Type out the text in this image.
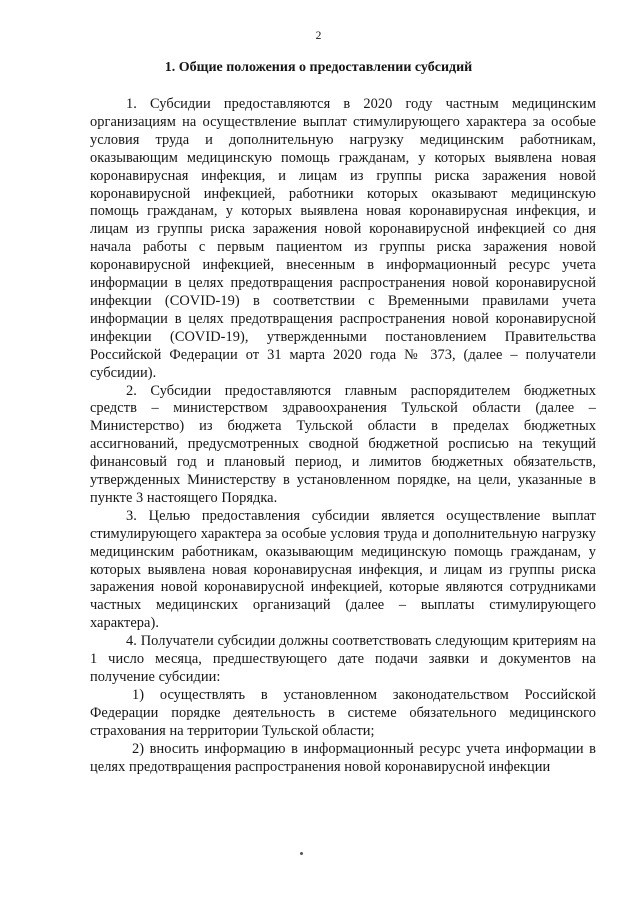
2
1. Общие положения о предоставлении субсидий

1. Субсидии предоставляются в 2020 году частным медицинским организациям на осуществление выплат стимулирующего характера за особые условия труда и дополнительную нагрузку медицинским работникам, оказывающим медицинскую помощь гражданам, у которых выявлена новая коронавирусная инфекция, и лицам из группы риска заражения новой коронавирусной инфекцией, работники которых оказывают медицинскую помощь гражданам, у которых выявлена новая коронавирусная инфекция, и лицам из группы риска заражения новой коронавирусной инфекцией со дня начала работы с первым пациентом из группы риска заражения новой коронавирусной инфекцией, внесенным в информационный ресурс учета информации в целях предотвращения распространения новой коронавирусной инфекции (COVID-19) в соответствии с Временными правилами учета информации в целях предотвращения распространения новой коронавирусной инфекции (COVID-19), утвержденными постановлением Правительства Российской Федерации от 31 марта 2020 года № 373, (далее – получатели субсидии).

2. Субсидии предоставляются главным распорядителем бюджетных средств – министерством здравоохранения Тульской области (далее – Министерство) из бюджета Тульской области в пределах бюджетных ассигнований, предусмотренных сводной бюджетной росписью на текущий финансовый год и плановый период, и лимитов бюджетных обязательств, утвержденных Министерству в установленном порядке, на цели, указанные в пункте 3 настоящего Порядка.

3. Целью предоставления субсидии является осуществление выплат стимулирующего характера за особые условия труда и дополнительную нагрузку медицинским работникам, оказывающим медицинскую помощь гражданам, у которых выявлена новая коронавирусная инфекция, и лицам из группы риска заражения новой коронавирусной инфекцией, которые являются сотрудниками частных медицинских организаций (далее – выплаты стимулирующего характера).

4. Получатели субсидии должны соответствовать следующим критериям на 1 число месяца, предшествующего дате подачи заявки и документов на получение субсидии:

1) осуществлять в установленном законодательством Российской Федерации порядке деятельность в системе обязательного медицинского страхования на территории Тульской области;

2) вносить информацию в информационный ресурс учета информации в целях предотвращения распространения новой коронавирусной инфекции
